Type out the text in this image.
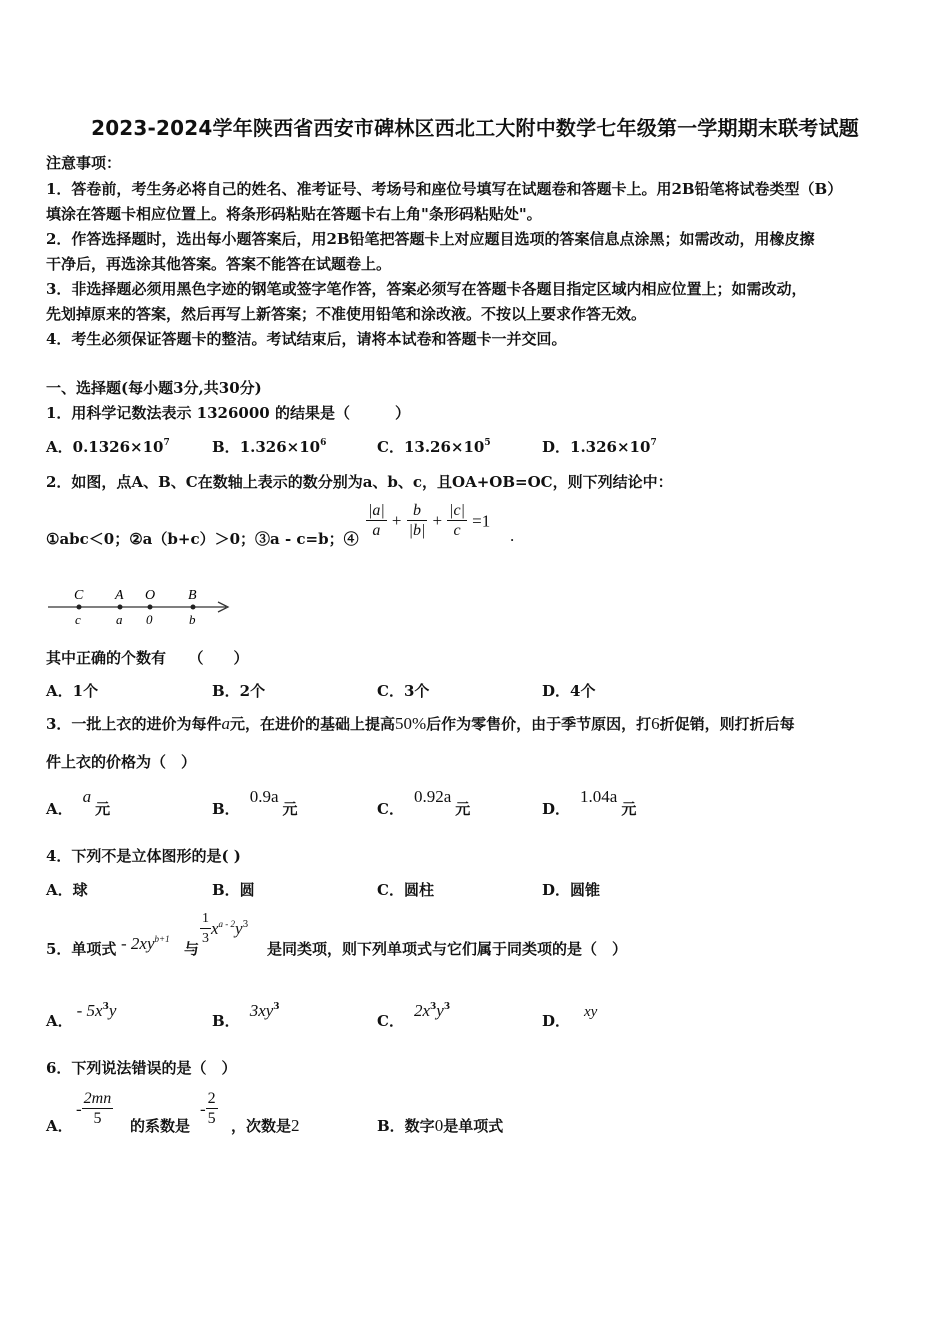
2023-2024学年陕西省西安市碑林区西北工大附中数学七年级第一学期期末联考试题
注意事项：
1．答卷前，考生务必将自己的姓名、准考证号、考场号和座位号填写在试题卷和答题卡上。用2B铅笔将试卷类型（B）
填涂在答题卡相应位置上。将条形码粘贴在答题卡右上角"条形码粘贴处"。
2．作答选择题时，选出每小题答案后，用2B铅笔把答题卡上对应题目选项的答案信息点涂黑；如需改动，用橡皮擦
干净后，再选涂其他答案。答案不能答在试题卷上。
3．非选择题必须用黑色字迹的钢笔或签字笔作答，答案必须写在答题卡各题目指定区域内相应位置上；如需改动，
先划掉原来的答案，然后再写上新答案；不准使用铅笔和涂改液。不按以上要求作答无效。
4．考生必须保证答题卡的整洁。考试结束后，请将本试卷和答题卡一并交回。
一、选择题(每小题3分,共30分)
1．用科学记数法表示 1326000 的结果是（　　　）
A．$0.1326\times 10^7$	B．$1.326\times 10^6$	C．$13.26\times 10^5$	D．$1.326\times 10^7$
2．如图，点A、B、C在数轴上表示的数分别为a、b、c，且OA+OB=OC，则下列结论中：
①abc＜0；②a（b+c）＞0；③a - c=b；④ $\frac{|a|}{a} + \frac{b}{|b|} + \frac{|c|}{c} =1$
.
C A O B
c	a 0	b
其中正确的个数有　　（　　）
A．1个	B．2个	C．3个	D．4个
3．一批上衣的进价为每件a元，在进价的基础上提高50%后作为零售价，由于季节原因，打6折促销，则打折后每
件上衣的价格为（　）
A．a元	B．0.9a元	C．0.92a元	D．1.04a元
4．下列不是立体图形的是( )
A．球	B．圆	C．圆柱	D．圆锥
5．单项式 - $2xy^{b+1}$
与 $\frac{1}{3} x^{a - 2}y^3$
是同类项，则下列单项式与它们属于同类项的是（　）
A．- $5x^3y$
B．$3xy^3$
C．$2x^3y^3$
D． xy
6．下列说法错误的是（　）
A．
- $\frac{2mn}{5}$ 的系数是
- $\frac{2}{5}$ ，次数是2	B．数字0是单项式
